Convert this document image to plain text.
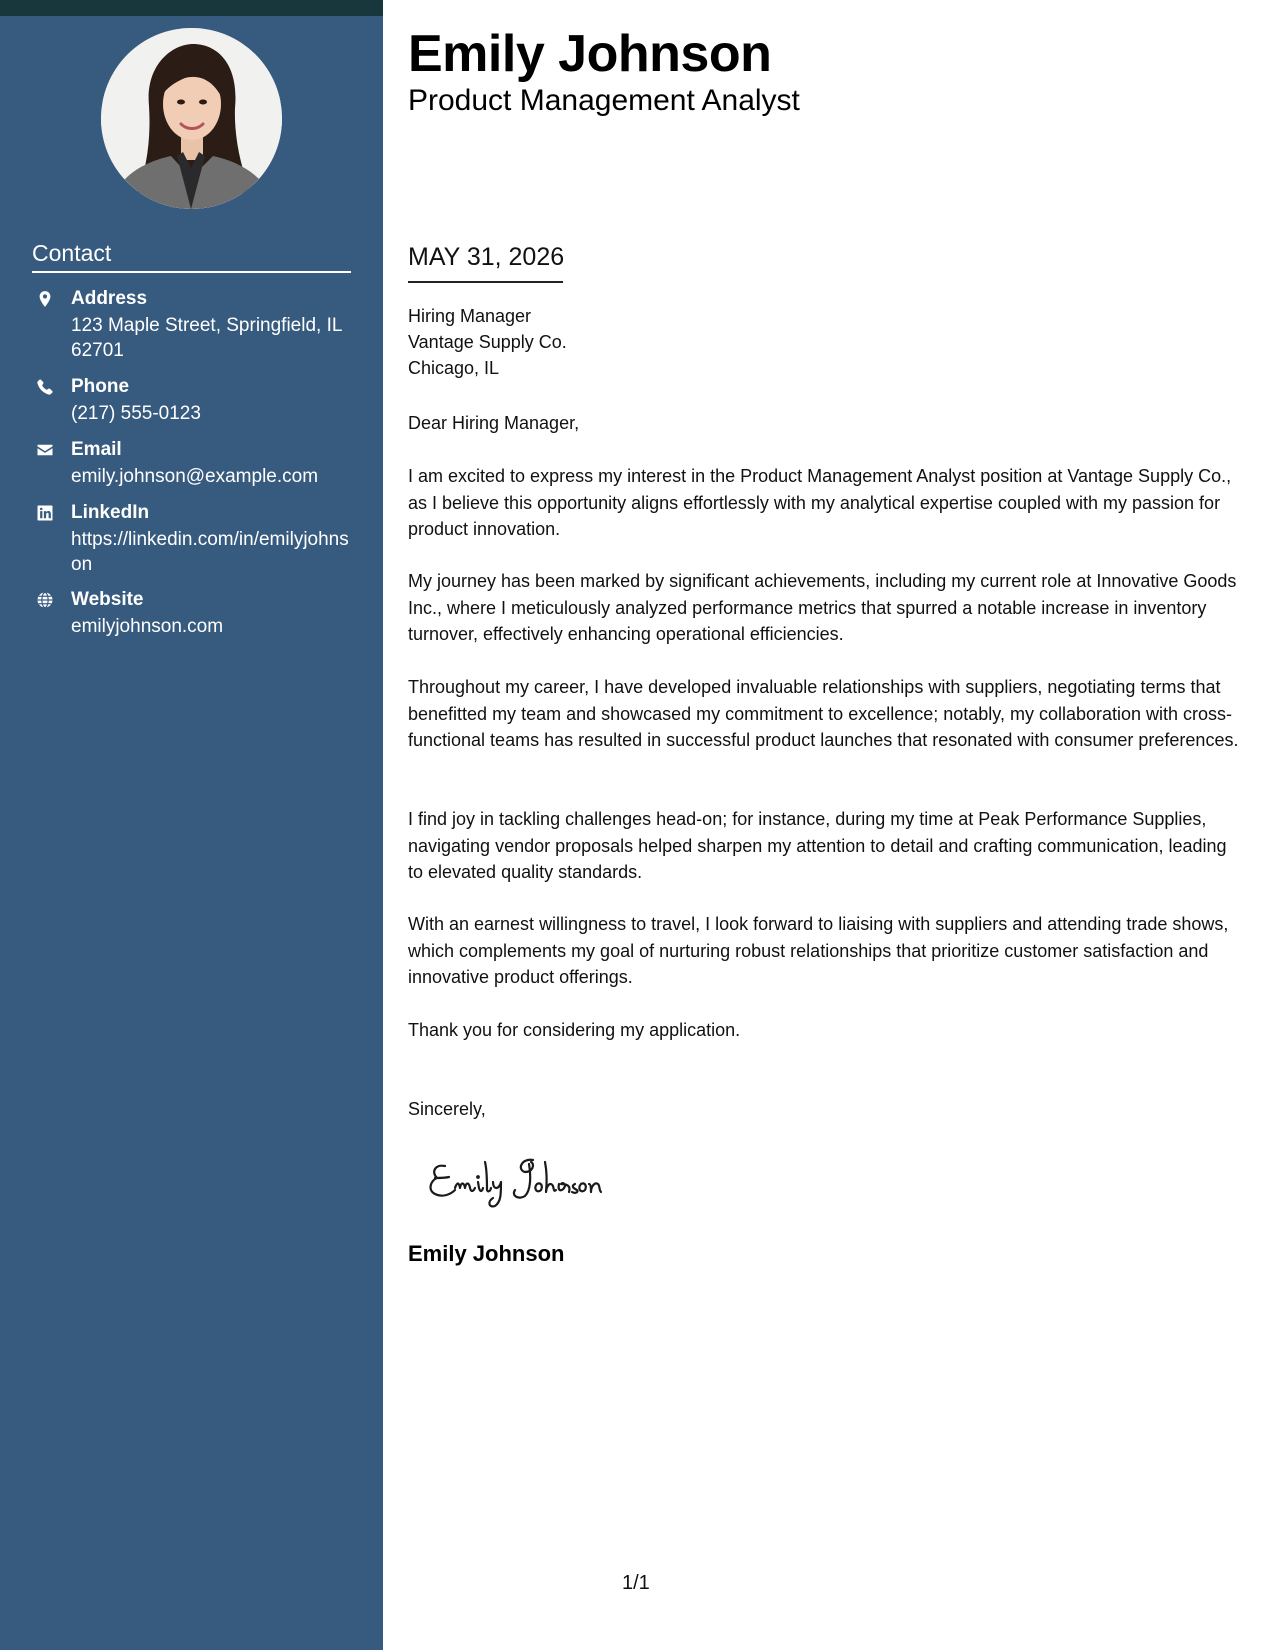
Contact
Address
123 Maple Street, Springfield, IL 62701
Phone
(217) 555-0123
Email
emily.johnson@example.com
LinkedIn
https://linkedin.com/in/emilyjohnson
Website
emilyjohnson.com
Emily Johnson
Product Management Analyst
MAY 31, 2026
Hiring Manager
Vantage Supply Co.
Chicago, IL
Dear Hiring Manager,
I am excited to express my interest in the Product Management Analyst position at Vantage Supply Co., as I believe this opportunity aligns effortlessly with my analytical expertise coupled with my passion for product innovation.
My journey has been marked by significant achievements, including my current role at Innovative Goods Inc., where I meticulously analyzed performance metrics that spurred a notable increase in inventory turnover, effectively enhancing operational efficiencies.
Throughout my career, I have developed invaluable relationships with suppliers, negotiating terms that benefitted my team and showcased my commitment to excellence; notably, my collaboration with cross-functional teams has resulted in successful product launches that resonated with consumer preferences.
I find joy in tackling challenges head-on; for instance, during my time at Peak Performance Supplies, navigating vendor proposals helped sharpen my attention to detail and crafting communication, leading to elevated quality standards.
With an earnest willingness to travel, I look forward to liaising with suppliers and attending trade shows, which complements my goal of nurturing robust relationships that prioritize customer satisfaction and innovative product offerings.
Thank you for considering my application.
Sincerely,
Emily Johnson
1/1
